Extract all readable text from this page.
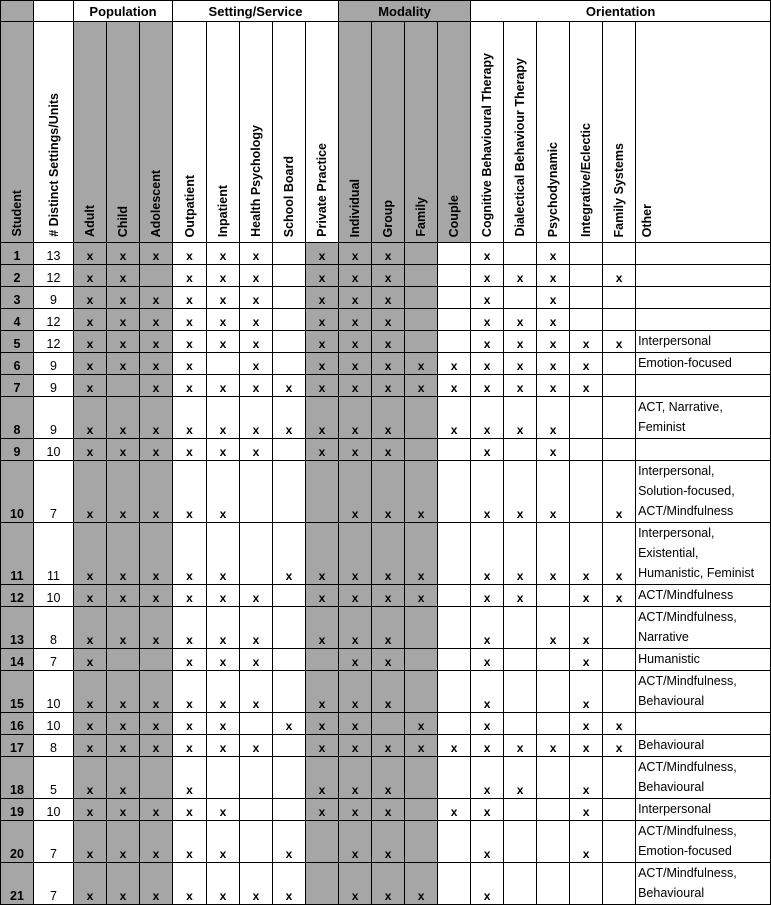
		Population			Setting/Service					Modality				Orientation					
Student	# Distinct Settings/Units	Adult	Child	Adolescent	Outpatient	Inpatient	Health Psychology	School Board	Private Practice	Individual	Group	Family	Couple	Cognitive Behavioural Therapy	Dialectical Behaviour Therapy	Psychodynamic	Integrative/Eclectic	Family Systems	Other
1	13	x	x	x	x	x	x		x	x	x			x		x			
2	12	x	x		x	x	x		x	x	x			x	x	x		x	
3	9	x	x	x	x	x	x		x	x	x			x		x			
4	12	x	x	x	x	x	x		x	x	x			x	x	x			
5	12	x	x	x	x	x	x		x	x	x			x	x	x	x	x	Interpersonal

6	9	x	x	x	x		x		x	x	x	x	x	x	x	x	x		Emotion-focused

7	9	x		x	x	x	x	x	x	x	x	x	x	x	x	x	x		
8	9	x	x	x	x	x	x	x	x	x	x		x	x	x	x			ACT, Narrative,
Feminist

9	10	x	x	x	x	x	x		x	x	x			x		x			
10	7	x	x	x	x	x				x	x	x		x	x	x		x	Interpersonal,
Solution-focused,
ACT/Mindfulness

11	11	x	x	x	x	x		x	x	x	x	x		x	x	x	x	x	Interpersonal,
Existential,
Humanistic, Feminist

12	10	x	x	x	x	x	x		x	x	x	x		x	x		x	x	ACT/Mindfulness

13	8	x	x	x	x	x	x		x	x	x			x		x	x		ACT/Mindfulness,
Narrative

14	7	x			x	x	x			x	x			x			x		Humanistic

15	10	x	x	x	x	x	x		x	x	x			x			x		ACT/Mindfulness,
Behavioural

16	10	x	x	x	x	x		x	x	x		x		x			x	x	
17	8	x	x	x	x	x	x		x	x	x	x	x	x	x	x	x	x	Behavioural

18	5	x	x		x				x	x	x			x	x		x		ACT/Mindfulness,
Behavioural

19	10	x	x	x	x	x			x	x	x		x	x			x		Interpersonal

20	7	x	x	x	x	x		x		x	x			x			x		ACT/Mindfulness,
Emotion-focused

21	7	x	x	x	x	x	x	x		x	x	x		x					ACT/Mindfulness,
Behavioural
